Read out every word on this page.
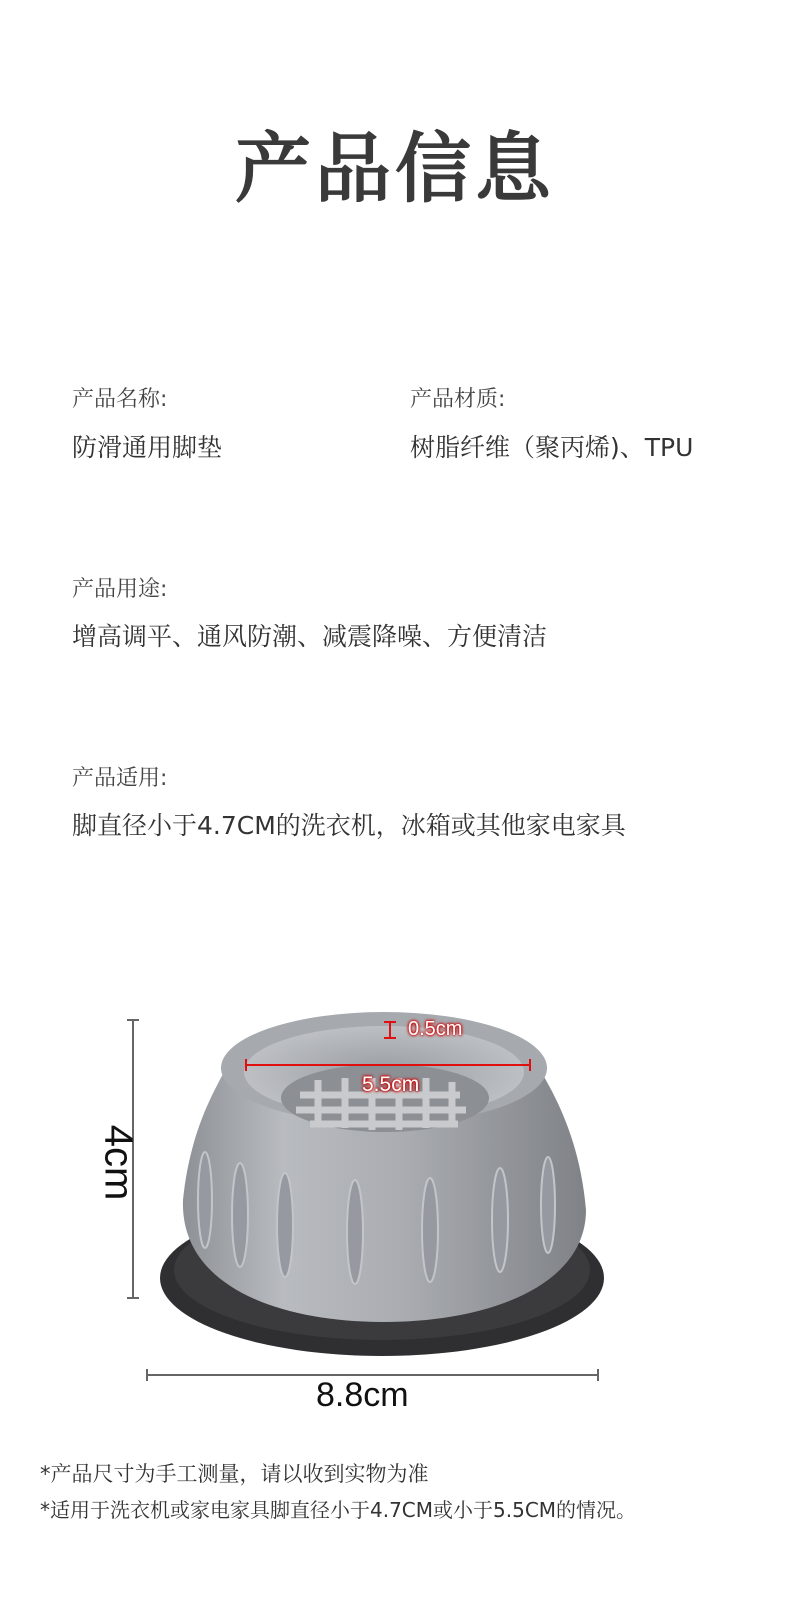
产品信息
产品名称:
防滑通用脚垫
产品材质:
树脂纤维（聚丙烯)、TPU
产品用途:
增高调平、通风防潮、减震降噪、方便清洁
产品适用:
脚直径小于4.7CM的洗衣机，冰箱或其他家电家具
4cm
8.8cm
5.5cm
0.5cm
*产品尺寸为手工测量，请以收到实物为准
*适用于洗衣机或家电家具脚直径小于4.7CM或小于5.5CM的情况。
